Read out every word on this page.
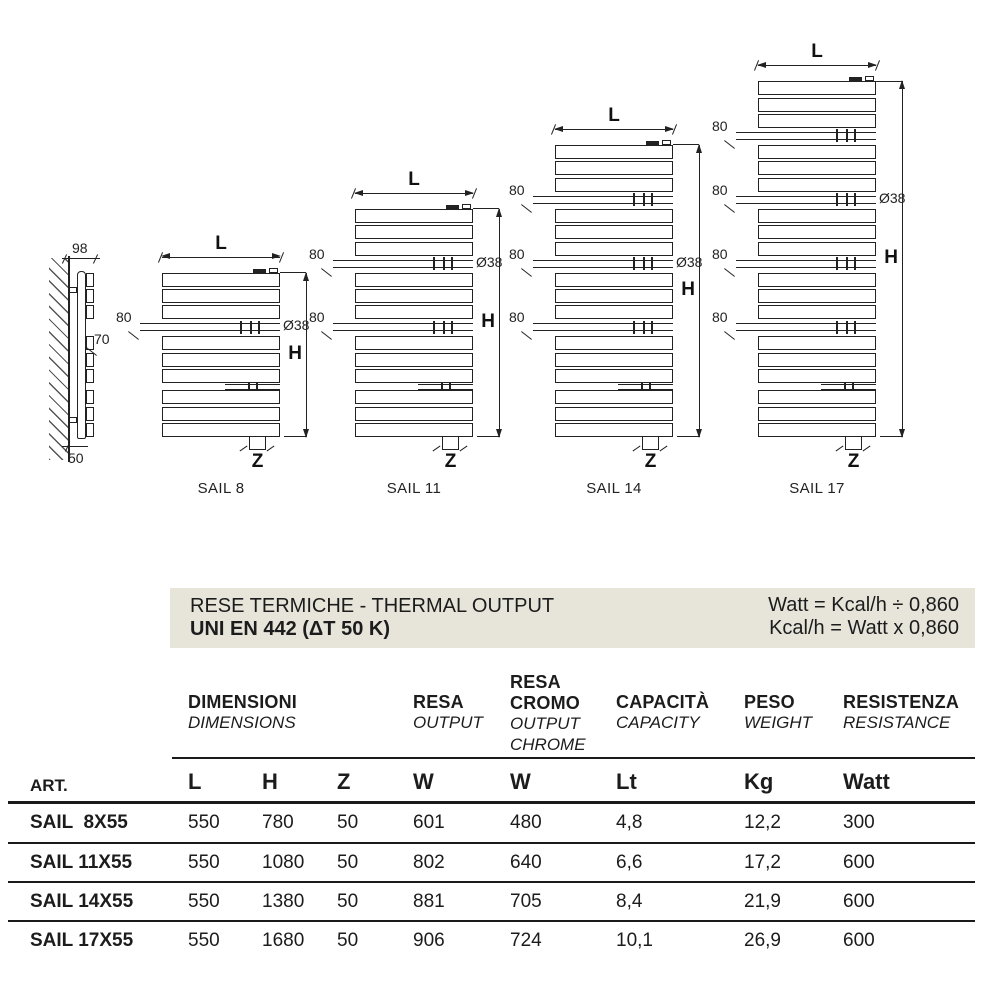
98
70
50
80	Ø38
Z
L
H
SAIL 8
80	Ø38
80
Z
L
H
SAIL 11
80
80	Ø38
80
Z
L
H
SAIL 14
80
80	Ø38
80
80
Z
L
H
SAIL 17
RESE TERMICHE - THERMAL OUTPUT
UNI EN 442 (ΔT 50 K)
Watt = Kcal/h ÷ 0,860
Kcal/h = Watt x 0,860
DIMENSIONI
DIMENSIONS
RESA
OUTPUT
RESA
CROMO
OUTPUT
CHROME
CAPACITÀ
CAPACITY
PESO
WEIGHT
RESISTENZA
RESISTANCE
ART.	L	H	Z	W	W	Lt	Kg	Watt
SAIL  8X55	550 780 50	601	480	4,8	12,2	300
SAIL 11X55	550 1080 50	802	640	6,6	17,2	600
SAIL 14X55	550 1380 50	881	705	8,4	21,9	600
SAIL 17X55	550 1680 50	906	724	10,1	26,9	600
